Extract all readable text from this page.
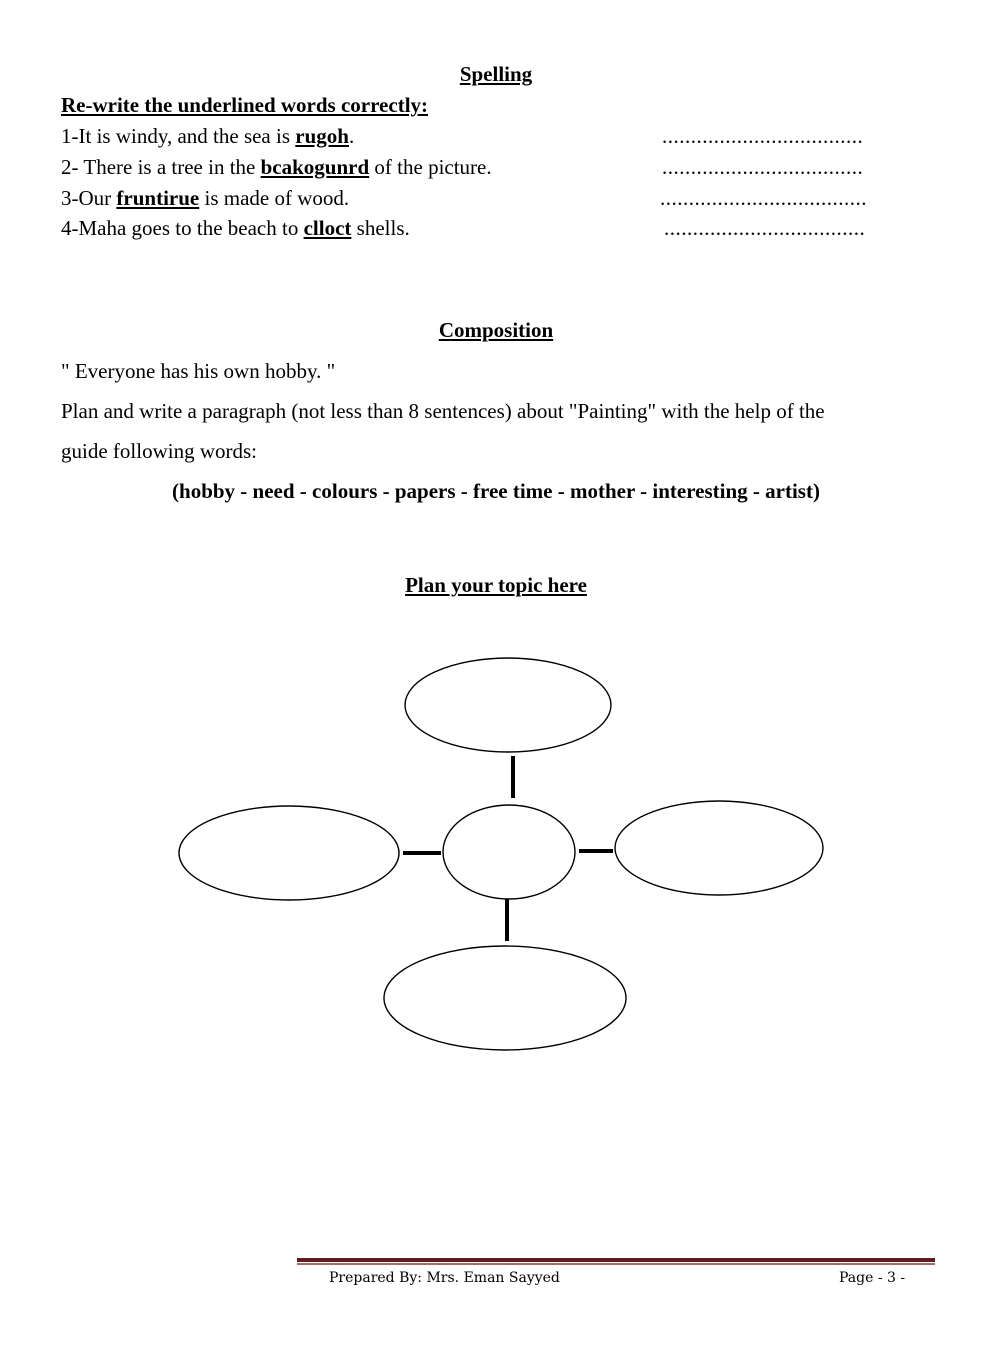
Spelling
Re-write the underlined words correctly:
1-It is windy, and the sea is rugoh.	...................................
2- There is a tree in the bcakogunrd of the picture.	...................................
3-Our fruntirue is made of wood.	....................................
4-Maha goes to the beach to clloct shells.	...................................
Composition
" Everyone has his own hobby. "
Plan and write a paragraph (not less than 8 sentences) about "Painting" with the help of the
guide following words:
(hobby - need - colours - papers - free time - mother - interesting - artist)
Plan your topic here
Prepared By: Mrs. Eman Sayyed	Page - 3 -
